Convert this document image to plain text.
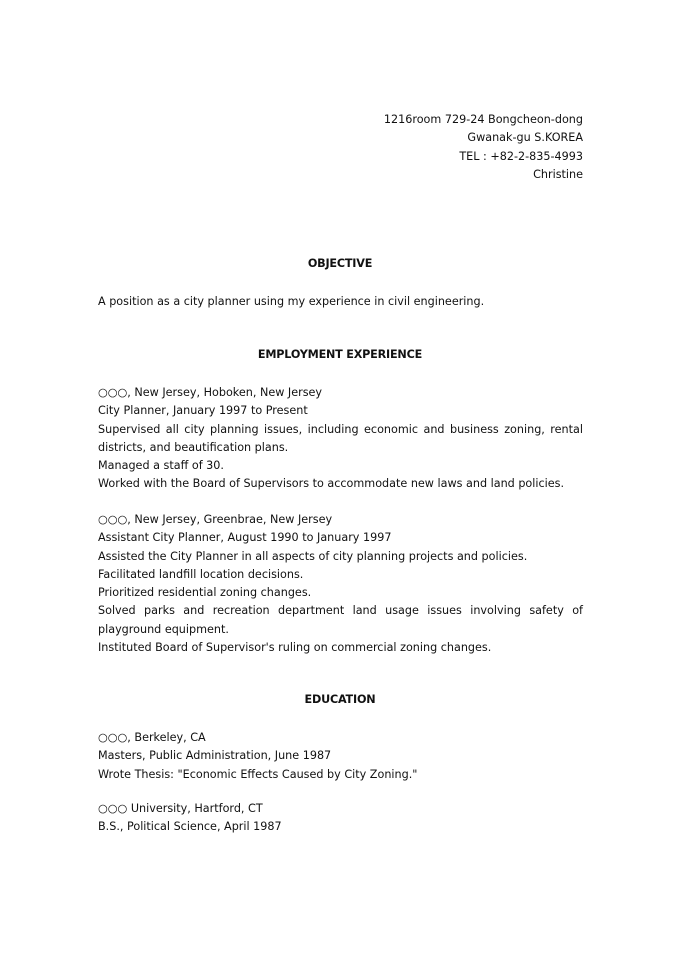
1216room 729-24 Bongcheon-dong
Gwanak-gu S.KOREA
TEL : +82-2-835-4993
Christine
OBJECTIVE
A position as a city planner using my experience in civil engineering.
EMPLOYMENT EXPERIENCE
○○○, New Jersey, Hoboken, New Jersey
City Planner, January 1997 to Present
Supervised all city planning issues, including economic and business zoning, rental
districts, and beautification plans.
Managed a staff of 30.
Worked with the Board of Supervisors to accommodate new laws and land policies.
○○○, New Jersey, Greenbrae, New Jersey
Assistant City Planner, August 1990 to January 1997
Assisted the City Planner in all aspects of city planning projects and policies.
Facilitated landfill location decisions.
Prioritized residential zoning changes.
Solved parks and recreation department land usage issues involving safety of
playground equipment.
Instituted Board of Supervisor's ruling on commercial zoning changes.
EDUCATION
○○○, Berkeley, CA
Masters, Public Administration, June 1987
Wrote Thesis: "Economic Effects Caused by City Zoning."
○○○ University, Hartford, CT
B.S., Political Science, April 1987
